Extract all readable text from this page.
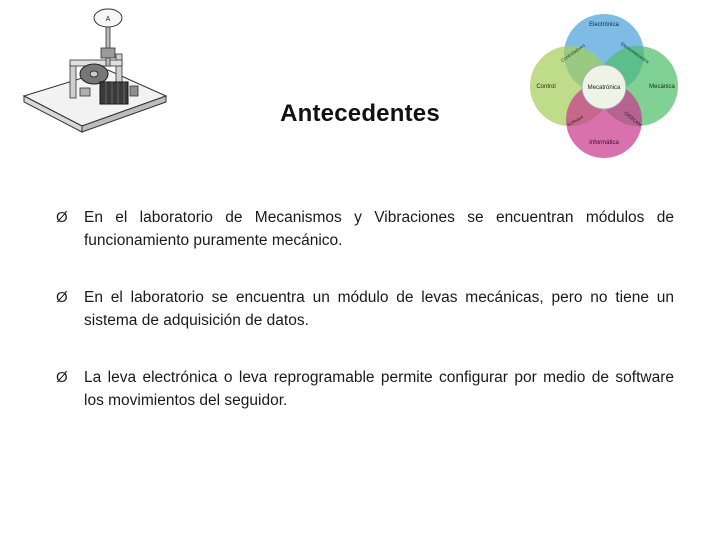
A
Antecedentes
Electrónica
Control	Mecánica
Informática
Mecatrónica
Controladores	Electromecánica
Software	CAD/CAM
Ø En el laboratorio de Mecanismos y Vibraciones se encuentran módulos de funcionamiento puramente mecánico.
Ø En el laboratorio se encuentra un módulo de levas mecánicas, pero no tiene un sistema de adquisición de datos.
Ø La leva electrónica o leva reprogramable permite configurar por medio de software los movimientos del seguidor.
